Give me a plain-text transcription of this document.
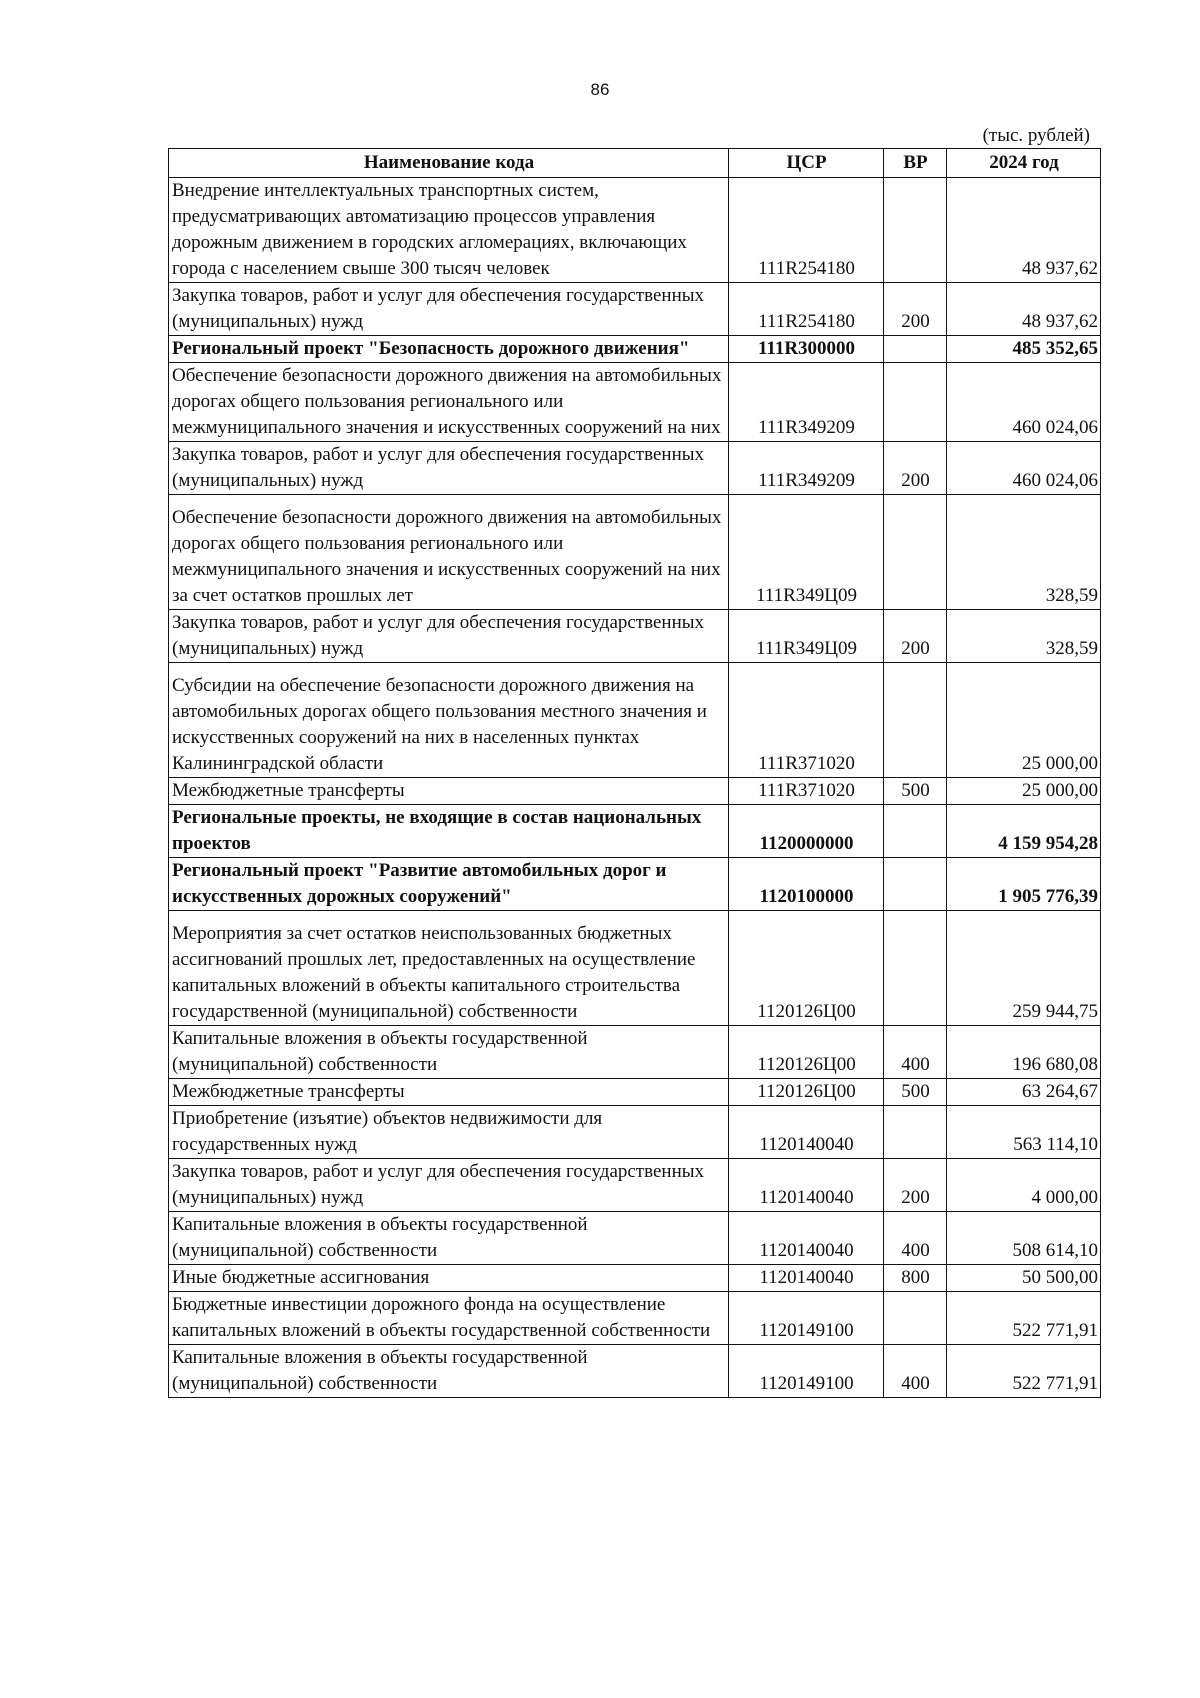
86
(тыс. рублей)
Наименование кода	ЦСР	ВР	2024 год
Внедрение интеллектуальных транспортных систем, предусматривающих автоматизацию процессов управления дорожным движением в городских агломерациях, включающих города с населением свыше 300 тысяч человек	111R254180		48 937,62
Закупка товаров, работ и услуг для обеспечения государственных (муниципальных) нужд	111R254180	200	48 937,62
Региональный проект "Безопасность дорожного движения"	111R300000		485 352,65
Обеспечение безопасности дорожного движения на автомобильных дорогах общего пользования регионального или межмуниципального значения и искусственных сооружений на них	111R349209		460 024,06
Закупка товаров, работ и услуг для обеспечения государственных (муниципальных) нужд	111R349209	200	460 024,06
Обеспечение безопасности дорожного движения на автомобильных дорогах общего пользования регионального или межмуниципального значения и искусственных сооружений на них за счет остатков прошлых лет	111R349Ц09		328,59
Закупка товаров, работ и услуг для обеспечения государственных (муниципальных) нужд	111R349Ц09	200	328,59
Субсидии на обеспечение безопасности дорожного движения на автомобильных дорогах общего пользования местного значения и искусственных сооружений на них в населенных пунктах Калининградской области	111R371020		25 000,00
Межбюджетные трансферты	111R371020	500	25 000,00
Региональные проекты, не входящие в состав национальных проектов	1120000000		4 159 954,28
Региональный проект "Развитие автомобильных дорог и искусственных дорожных сооружений"	1120100000		1 905 776,39
Мероприятия за счет остатков неиспользованных бюджетных ассигнований прошлых лет, предоставленных на осуществление капитальных вложений в объекты капитального строительства государственной (муниципальной) собственности	1120126Ц00		259 944,75
Капитальные вложения в объекты государственной (муниципальной) собственности	1120126Ц00	400	196 680,08
Межбюджетные трансферты	1120126Ц00	500	63 264,67
Приобретение (изъятие) объектов недвижимости для государственных нужд	1120140040		563 114,10
Закупка товаров, работ и услуг для обеспечения государственных (муниципальных) нужд	1120140040	200	4 000,00
Капитальные вложения в объекты государственной (муниципальной) собственности	1120140040	400	508 614,10
Иные бюджетные ассигнования	1120140040	800	50 500,00
Бюджетные инвестиции дорожного фонда на осуществление капитальных вложений в объекты государственной собственности	1120149100		522 771,91
Капитальные вложения в объекты государственной (муниципальной) собственности	1120149100	400	522 771,91
